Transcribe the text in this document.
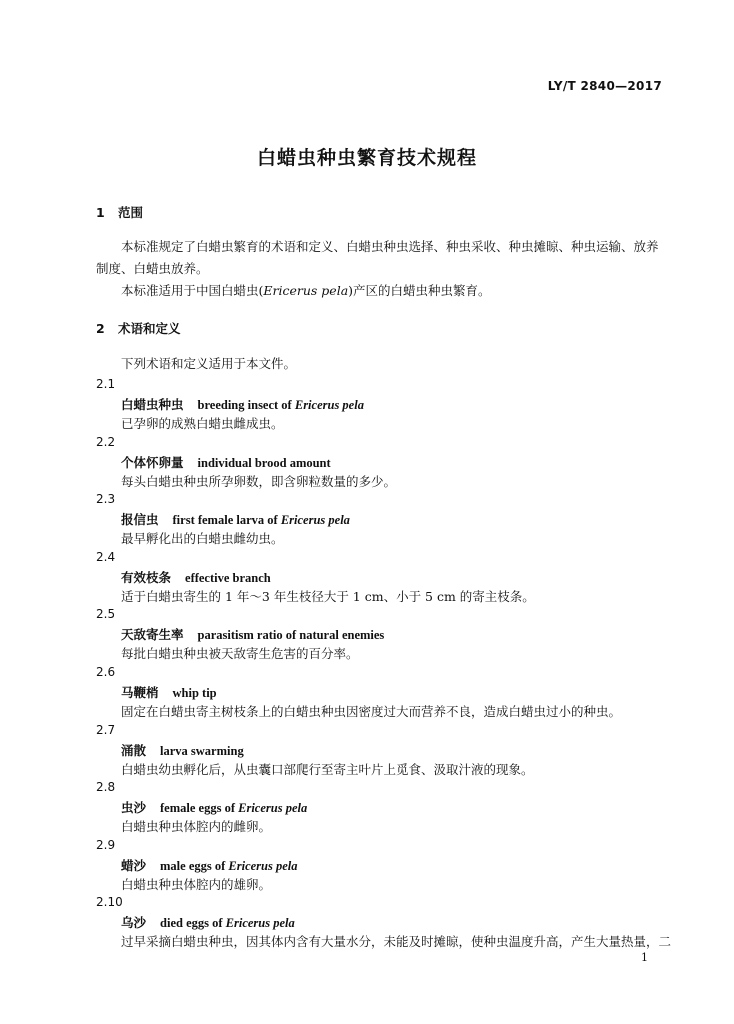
LY/T 2840—2017
白蜡虫种虫繁育技术规程
1 范围
本标准规定了白蜡虫繁育的术语和定义、白蜡虫种虫选择、种虫采收、种虫摊晾、种虫运输、放养制度、白蜡虫放养。
本标准适用于中国白蜡虫(Ericerus pela)产区的白蜡虫种虫繁育。
2 术语和定义
下列术语和定义适用于本文件。
2.1
白蜡虫种虫 breeding insect of Ericerus pela
已孕卵的成熟白蜡虫雌成虫。
2.2
个体怀卵量 individual brood amount
每头白蜡虫种虫所孕卵数，即含卵粒数量的多少。
2.3
报信虫 first female larva of Ericerus pela
最早孵化出的白蜡虫雌幼虫。
2.4
有效枝条 effective branch
适于白蜡虫寄生的 1 年～3 年生枝径大于 1 cm、小于 5 cm 的寄主枝条。
2.5
天敌寄生率 parasitism ratio of natural enemies
每批白蜡虫种虫被天敌寄生危害的百分率。
2.6
马鞭梢 whip tip
固定在白蜡虫寄主树枝条上的白蜡虫种虫因密度过大而营养不良，造成白蜡虫过小的种虫。
2.7
涌散 larva swarming
白蜡虫幼虫孵化后，从虫囊口部爬行至寄主叶片上觅食、汲取汁液的现象。
2.8
虫沙 female eggs of Ericerus pela
白蜡虫种虫体腔内的雌卵。
2.9
蜡沙 male eggs of Ericerus pela
白蜡虫种虫体腔内的雄卵。
2.10
乌沙 died eggs of Ericerus pela
过早采摘白蜡虫种虫，因其体内含有大量水分，未能及时摊晾，使种虫温度升高，产生大量热量，二
1
